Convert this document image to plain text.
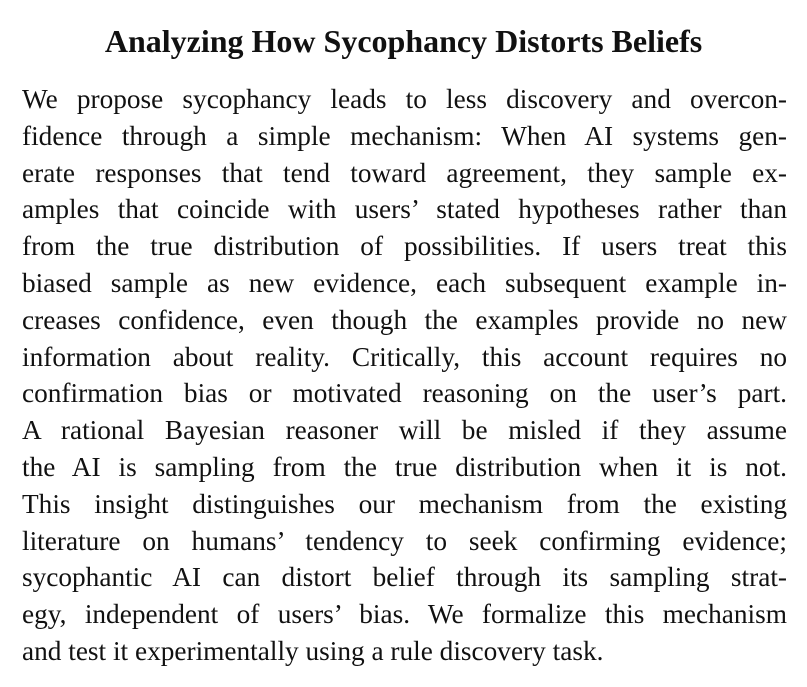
Analyzing How Sycophancy Distorts Beliefs
We propose sycophancy leads to less discovery and overcon-
fidence through a simple mechanism: When AI systems gen-
erate responses that tend toward agreement, they sample ex-
amples that coincide with users’ stated hypotheses rather than
from the true distribution of possibilities. If users treat this
biased sample as new evidence, each subsequent example in-
creases confidence, even though the examples provide no new
information about reality. Critically, this account requires no
confirmation bias or motivated reasoning on the user’s part.
A rational Bayesian reasoner will be misled if they assume
the AI is sampling from the true distribution when it is not.
This insight distinguishes our mechanism from the existing
literature on humans’ tendency to seek confirming evidence;
sycophantic AI can distort belief through its sampling strat-
egy, independent of users’ bias. We formalize this mechanism
and test it experimentally using a rule discovery task.
